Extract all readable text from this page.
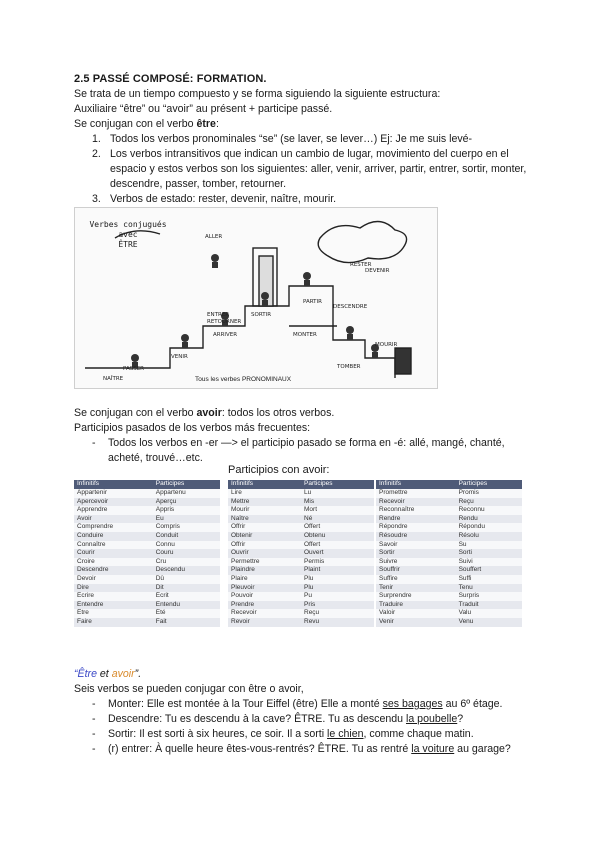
2.5 PASSÉ COMPOSÉ: FORMATION.
Se trata de un tiempo compuesto y se forma siguiendo la siguiente estructura:
Auxiliaire “être” ou “avoir” au présent + participe passé.
Se conjugan con el verbo être:
1. Todos los verbos pronominales “se” (se laver, se lever…) Ej: Je me suis levé-
2. Los verbos intransitivos que indican un cambio de lugar, movimiento del cuerpo en el espacio y estos verbos son los siguientes: aller, venir, arriver, partir, entrer, sortir, monter, descendre, passer, tomber, retourner.
3. Verbos de estado: rester, devenir, naître, mourir.
NAÎTRE
VENIR
ALLER
ARRIVER
PARTIR
MONTER
ENTRER
RETOURNER
SORTIR
DESCENDRE
PASSER	TOMBER
RESTER
DEVENIR
MOURIR
Verbes conjugués avec
ÊTRE
Tous les verbes PRONOMINAUX
Se conjugan con el verbo avoir: todos los otros verbos.
Participios pasados de los verbos más frecuentes:
- Todos los verbos en -er —> el participio pasado se forma en -é: allé, mangé, chanté, acheté, trouvé…etc.
Participios con avoir:
Infinitifs	Participes
Appartenir	Appartenu
Apercevoir	Aperçu
Apprendre	Appris
Avoir	Eu
Comprendre	Compris
Conduire	Conduit
Connaître	Connu
Courir	Couru
Croire	Cru
Descendre	Descendu
Devoir	Dû
Dire	Dit
Écrire	Écrit
Entendre	Entendu
Être	Été
Faire	Fait
Infinitifs	Participes
Lire	Lu
Mettre	Mis
Mourir	Mort
Naître	Né
Offrir	Offert
Obtenir	Obtenu
Offrir	Offert
Ouvrir	Ouvert
Permettre	Permis
Plaindre	Plaint
Plaire	Plu
Pleuvoir	Plu
Pouvoir	Pu
Prendre	Pris
Recevoir	Reçu
Revoir	Revu
Infinitifs	Participes
Promettre	Promis
Recevoir	Reçu
Reconnaître	Reconnu
Rendre	Rendu
Répondre	Répondu
Résoudre	Résolu
Savoir	Su
Sortir	Sorti
Suivre	Suivi
Souffrir	Souffert
Suffire	Suffi
Tenir	Tenu
Surprendre	Surpris
Traduire	Traduit
Valoir	Valu
Venir	Venu
“Être et avoir”.
Seis verbos se pueden conjugar con être o avoir,
- Monter: Elle est montée à la Tour Eiffel (être) Elle a monté ses bagages au 6º étage.
- Descendre: Tu es descendu à la cave? ÊTRE. Tu as descendu la poubelle?
- Sortir: Il est sorti à six heures, ce soir. Il a sorti le chien, comme chaque matin.
- (r) entrer: À quelle heure êtes-vous-rentrés? ÊTRE. Tu as rentré la voiture au garage?
